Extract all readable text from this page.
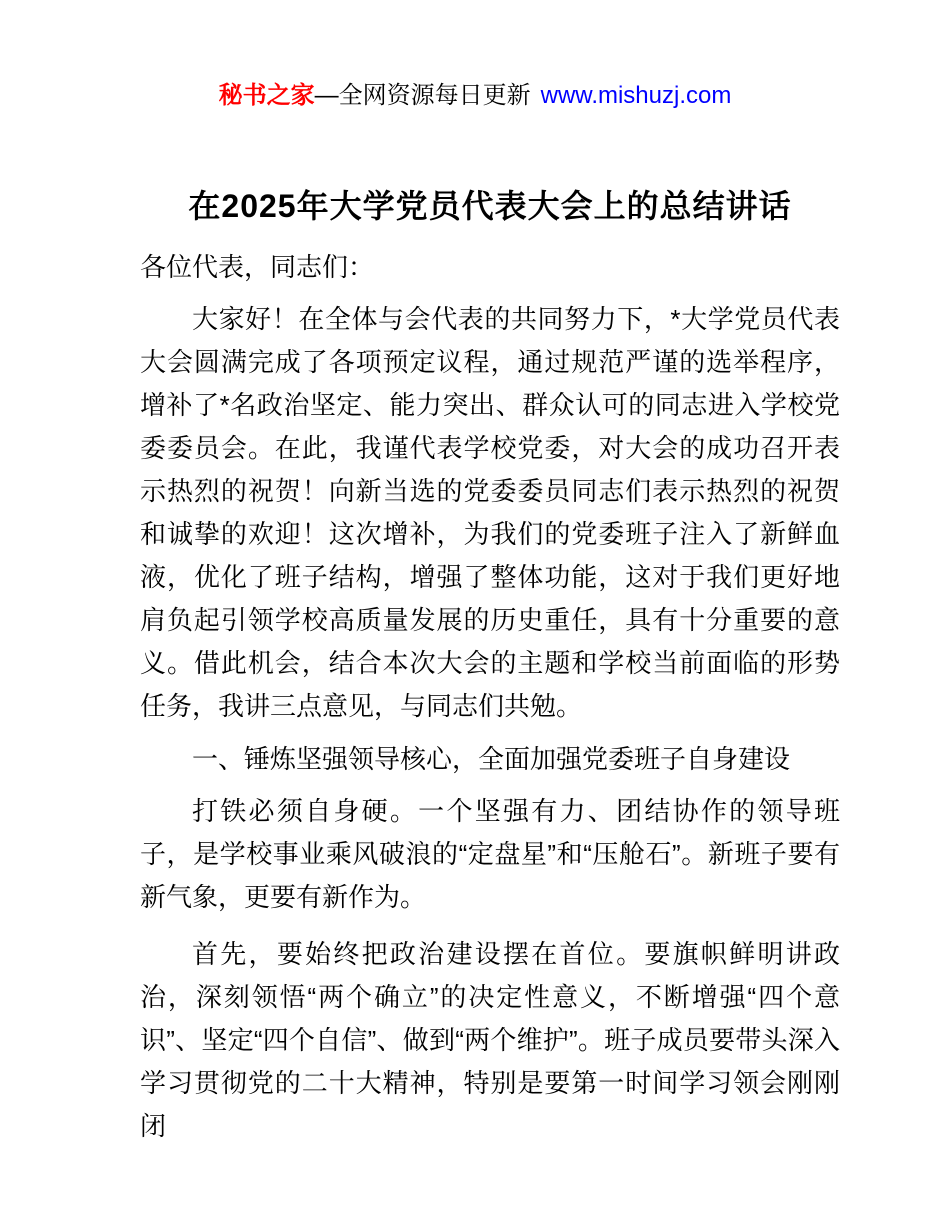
秘书之家—全网资源每日更新 www.mishuzj.com
在2025年大学党员代表大会上的总结讲话

各位代表，同志们：

大家好！在全体与会代表的共同努力下，*大学党员代表大会圆满完成了各项预定议程，通过规范严谨的选举程序，增补了*名政治坚定、能力突出、群众认可的同志进入学校党委委员会。在此，我谨代表学校党委，对大会的成功召开表示热烈的祝贺！向新当选的党委委员同志们表示热烈的祝贺和诚挚的欢迎！这次增补，为我们的党委班子注入了新鲜血液，优化了班子结构，增强了整体功能，这对于我们更好地肩负起引领学校高质量发展的历史重任，具有十分重要的意义。借此机会，结合本次大会的主题和学校当前面临的形势任务，我讲三点意见，与同志们共勉。

一、锤炼坚强领导核心，全面加强党委班子自身建设

打铁必须自身硬。一个坚强有力、团结协作的领导班子，是学校事业乘风破浪的“定盘星”和“压舱石”。新班子要有新气象，更要有新作为。

首先，要始终把政治建设摆在首位。要旗帜鲜明讲政治，深刻领悟“两个确立”的决定性意义，不断增强“四个意识”、坚定“四个自信”、做到“两个维护”。班子成员要带头深入学习贯彻党的二十大精神，特别是要第一时间学习领会刚刚闭
